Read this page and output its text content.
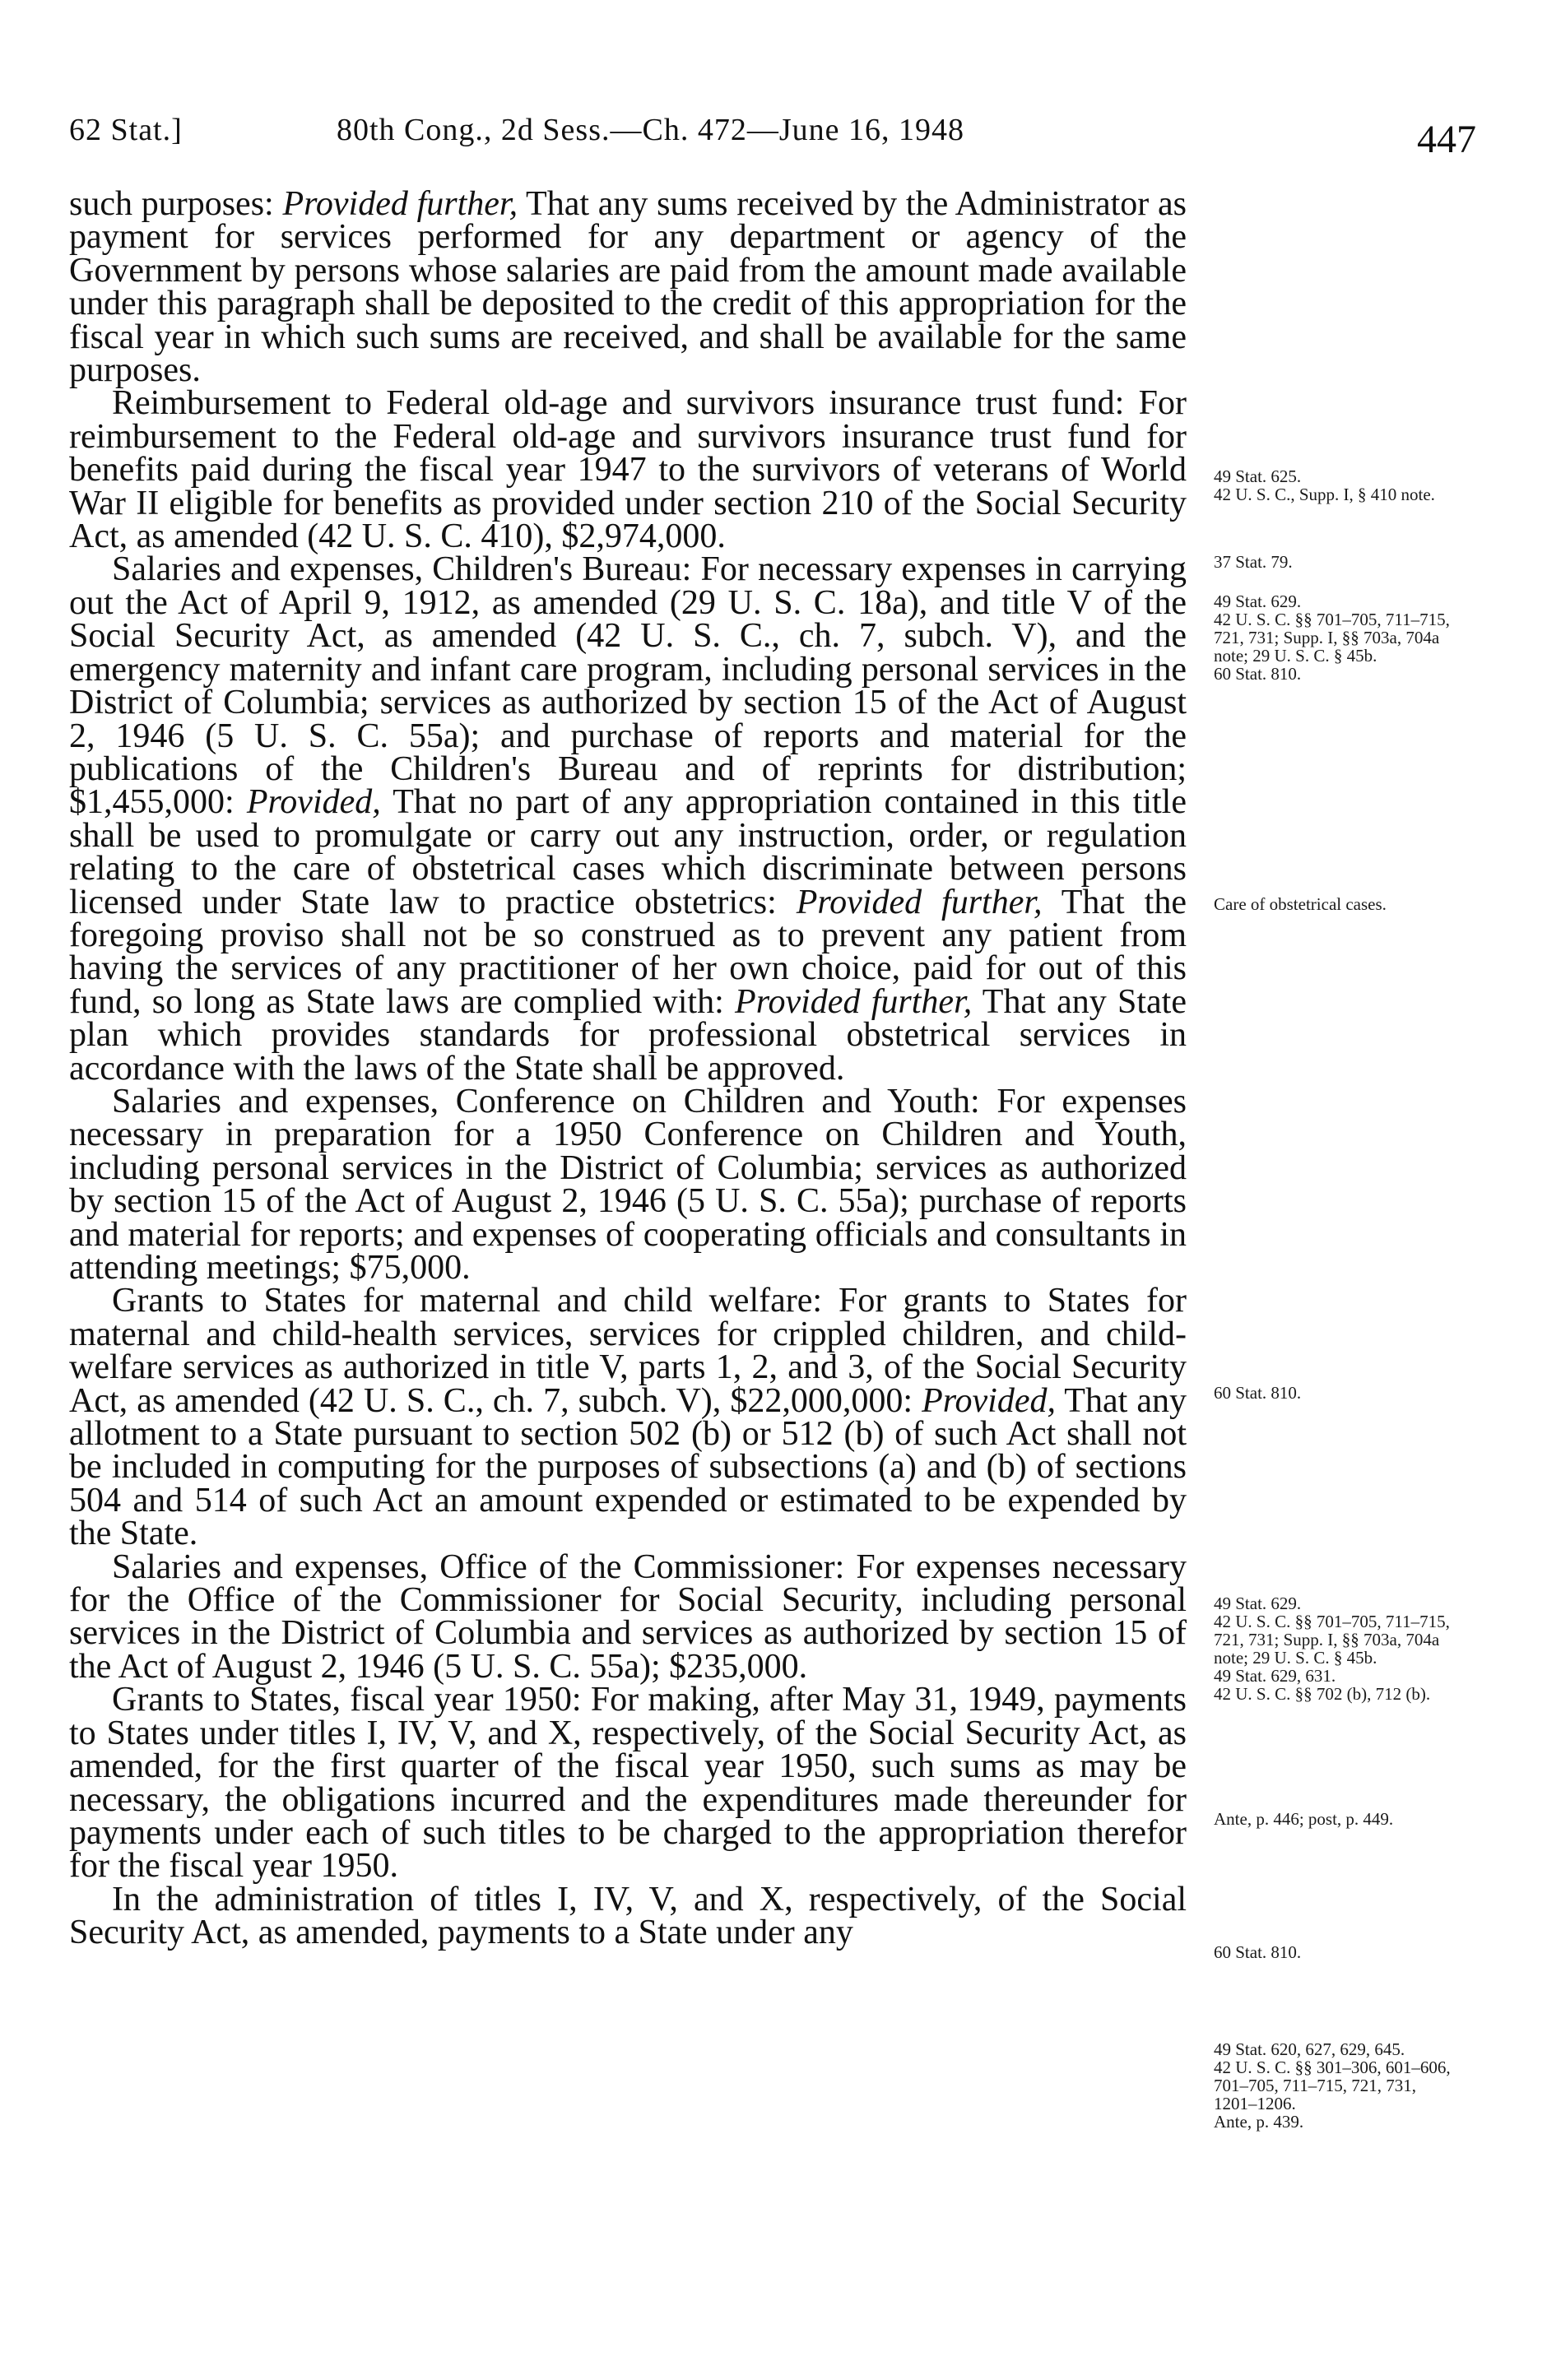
62 Stat.]	80th Cong., 2d Sess.—Ch. 472—June 16, 1948	447

such purposes: Provided further, That any sums received by the Administrator as payment for services performed for any department or agency of the Government by persons whose salaries are paid from the amount made available under this paragraph shall be deposited to the credit of this appropriation for the fiscal year in which such sums are received, and shall be available for the same purposes.

Reimbursement to Federal old-age and survivors insurance trust fund: For reimbursement to the Federal old-age and survivors insurance trust fund for benefits paid during the fiscal year 1947 to the survivors of veterans of World War II eligible for benefits as provided under section 210 of the Social Security Act, as amended (42 U. S. C. 410), $2,974,000.

Salaries and expenses, Children's Bureau: For necessary expenses in carrying out the Act of April 9, 1912, as amended (29 U. S. C. 18a), and title V of the Social Security Act, as amended (42 U. S. C., ch. 7, subch. V), and the emergency maternity and infant care program, including personal services in the District of Columbia; services as authorized by section 15 of the Act of August 2, 1946 (5 U. S. C. 55a); and purchase of reports and material for the publications of the Children's Bureau and of reprints for distribution; $1,455,000: Provided, That no part of any appropriation contained in this title shall be used to promulgate or carry out any instruction, order, or regulation relating to the care of obstetrical cases which discriminate between persons licensed under State law to practice obstetrics: Provided further, That the foregoing proviso shall not be so construed as to prevent any patient from having the services of any practitioner of her own choice, paid for out of this fund, so long as State laws are complied with: Provided further, That any State plan which provides standards for professional obstetrical services in accordance with the laws of the State shall be approved.

Salaries and expenses, Conference on Children and Youth: For expenses necessary in preparation for a 1950 Conference on Children and Youth, including personal services in the District of Columbia; services as authorized by section 15 of the Act of August 2, 1946 (5 U. S. C. 55a); purchase of reports and material for reports; and expenses of cooperating officials and consultants in attending meetings; $75,000.

Grants to States for maternal and child welfare: For grants to States for maternal and child-health services, services for crippled children, and child-welfare services as authorized in title V, parts 1, 2, and 3, of the Social Security Act, as amended (42 U. S. C., ch. 7, subch. V), $22,000,000: Provided, That any allotment to a State pursuant to section 502 (b) or 512 (b) of such Act shall not be included in computing for the purposes of subsections (a) and (b) of sections 504 and 514 of such Act an amount expended or estimated to be expended by the State.

Salaries and expenses, Office of the Commissioner: For expenses necessary for the Office of the Commissioner for Social Security, including personal services in the District of Columbia and services as authorized by section 15 of the Act of August 2, 1946 (5 U. S. C. 55a); $235,000.

Grants to States, fiscal year 1950: For making, after May 31, 1949, payments to States under titles I, IV, V, and X, respectively, of the Social Security Act, as amended, for the first quarter of the fiscal year 1950, such sums as may be necessary, the obligations incurred and the expenditures made thereunder for payments under each of such titles to be charged to the appropriation therefor for the fiscal year 1950.

In the administration of titles I, IV, V, and X, respectively, of the Social Security Act, as amended, payments to a State under any

49 Stat. 625.
42 U. S. C., Supp. I, § 410 note.
37 Stat. 79.
49 Stat. 629.
42 U. S. C. §§ 701–705, 711–715, 721, 731; Supp. I, §§ 703a, 704a note; 29 U. S. C. § 45b.
60 Stat. 810.
Care of obstetrical cases.
60 Stat. 810.
49 Stat. 629.
42 U. S. C. §§ 701–705, 711–715, 721, 731; Supp. I, §§ 703a, 704a note; 29 U. S. C. § 45b.
49 Stat. 629, 631.
42 U. S. C. §§ 702 (b), 712 (b).
Ante, p. 446; post, p. 449.
60 Stat. 810.
49 Stat. 620, 627, 629, 645.
42 U. S. C. §§ 301–306, 601–606, 701–705, 711–715, 721, 731, 1201–1206.
Ante, p. 439.
